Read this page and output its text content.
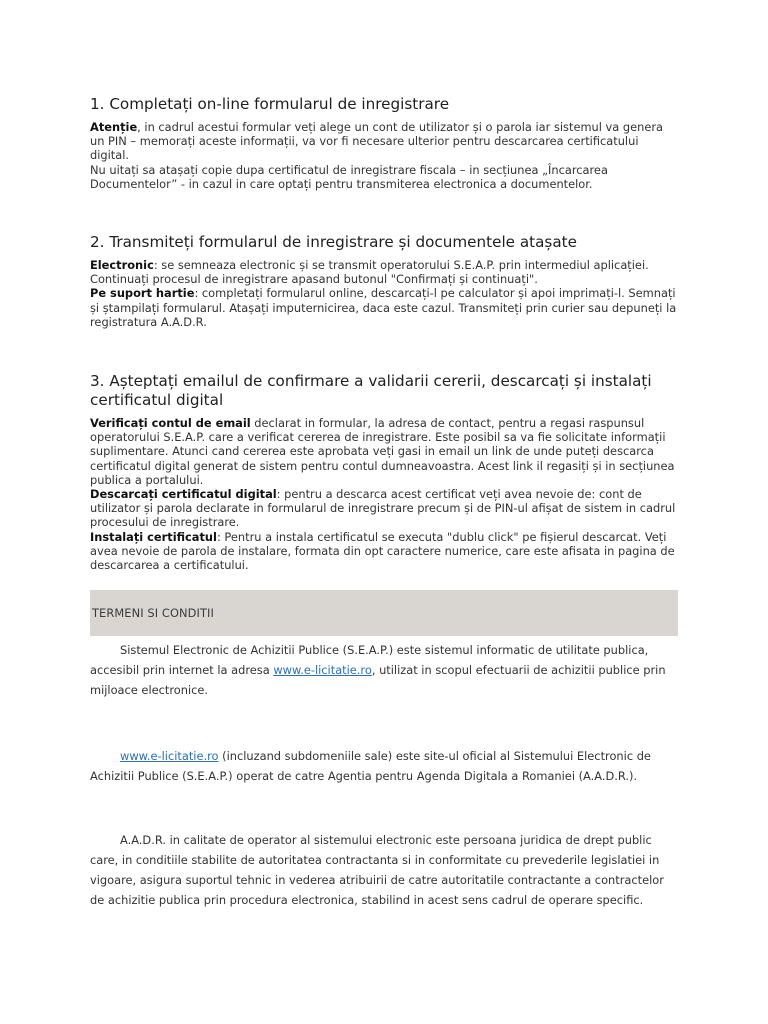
1. Completați on-line formularul de inregistrare

Atenție, in cadrul acestui formular veți alege un cont de utilizator și o parola iar sistemul va genera un PIN – memorați aceste informații, va vor fi necesare ulterior pentru descarcarea certificatului digital.

Nu uitați sa atașați copie dupa certificatul de inregistrare fiscala – in secțiunea „Încarcarea Documentelor” - in cazul in care optați pentru transmiterea electronica a documentelor.

2. Transmiteți formularul de inregistrare și documentele atașate

Electronic: se semneaza electronic și se transmit operatorului S.E.A.P. prin intermediul aplicației. Continuați procesul de inregistrare apasand butonul "Confirmați și continuați".

Pe suport hartie: completați formularul online, descarcați-l pe calculator și apoi imprimați-l. Semnați și ștampilați formularul. Atașați imputernicirea, daca este cazul. Transmiteți prin curier sau depuneți la registratura A.A.D.R.

3. Așteptați emailul de confirmare a validarii cererii, descarcați și instalați certificatul digital

Verificați contul de email declarat in formular, la adresa de contact, pentru a regasi raspunsul operatorului S.E.A.P. care a verificat cererea de inregistrare. Este posibil sa va fie solicitate informații suplimentare. Atunci cand cererea este aprobata veți gasi in email un link de unde puteți descarca certificatul digital generat de sistem pentru contul dumneavoastra. Acest link il regasiți și in secțiunea publica a portalului.

Descarcați certificatul digital: pentru a descarca acest certificat veți avea nevoie de: cont de utilizator și parola declarate in formularul de inregistrare precum și de PIN-ul afișat de sistem in cadrul procesului de inregistrare.

Instalați certificatul: Pentru a instala certificatul se executa "dublu click" pe fișierul descarcat. Veți avea nevoie de parola de instalare, formata din opt caractere numerice, care este afisata in pagina de descarcarea a certificatului.

TERMENI SI CONDITII

Sistemul Electronic de Achizitii Publice (S.E.A.P.) este sistemul informatic de utilitate publica, accesibil prin internet la adresa www.e-licitatie.ro, utilizat in scopul efectuarii de achizitii publice prin mijloace electronice.

www.e-licitatie.ro (incluzand subdomeniile sale) este site-ul oficial al Sistemului Electronic de Achizitii Publice (S.E.A.P.) operat de catre Agentia pentru Agenda Digitala a Romaniei (A.A.D.R.).

A.A.D.R. in calitate de operator al sistemului electronic este persoana juridica de drept public care, in conditiile stabilite de autoritatea contractanta si in conformitate cu prevederile legislatiei in vigoare, asigura suportul tehnic in vederea atribuirii de catre autoritatile contractante a contractelor de achizitie publica prin procedura electronica, stabilind in acest sens cadrul de operare specific.
